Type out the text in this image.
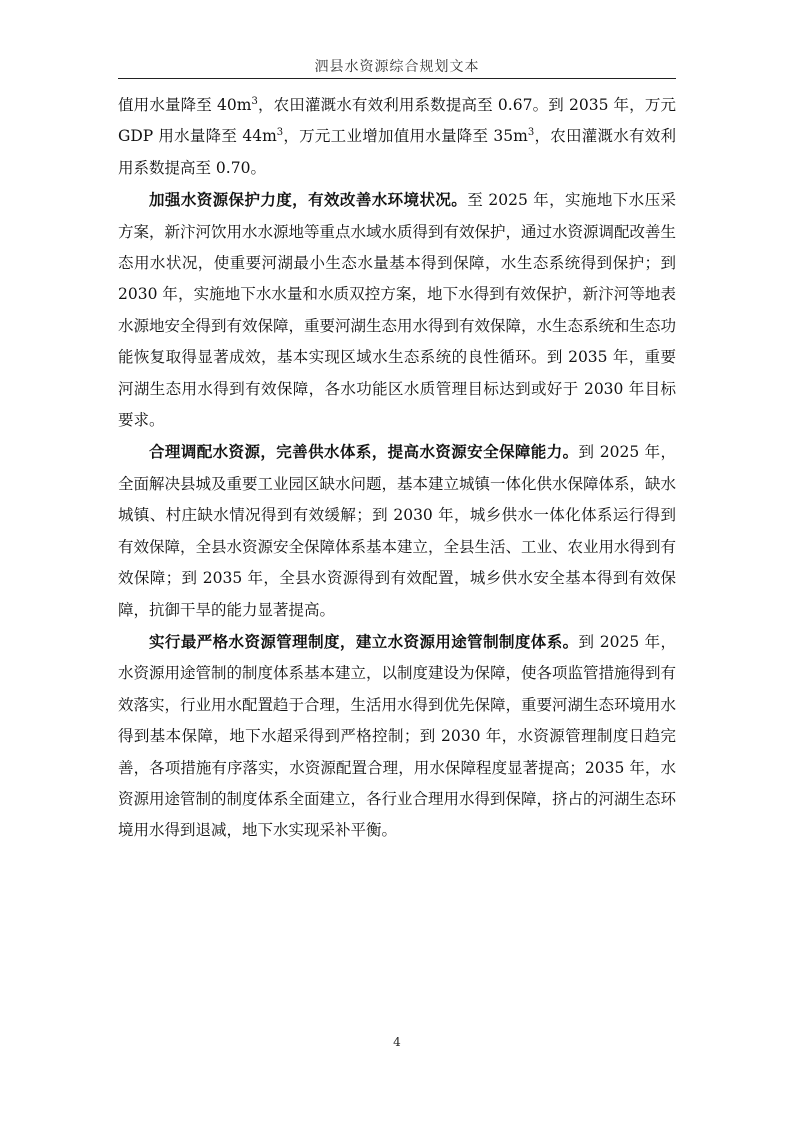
泗县水资源综合规划文本

值用水量降至 $40m^3$，农田灌溉水有效利用系数提高至 0.67。到 2035 年，万元GDP 用水量降至 $44m^3$，万元工业增加值用水量降至 $35m^3$，农田灌溉水有效利用系数提高至 0.70。

加强水资源保护力度，有效改善水环境状况。至 2025 年，实施地下水压采方案，新汴河饮用水水源地等重点水域水质得到有效保护，通过水资源调配改善生态用水状况，使重要河湖最小生态水量基本得到保障，水生态系统得到保护；到 2030 年，实施地下水水量和水质双控方案，地下水得到有效保护，新汴河等地表水源地安全得到有效保障，重要河湖生态用水得到有效保障，水生态系统和生态功能恢复取得显著成效，基本实现区域水生态系统的良性循环。到 2035 年，重要河湖生态用水得到有效保障，各水功能区水质管理目标达到或好于 2030 年目标要求。

合理调配水资源，完善供水体系，提高水资源安全保障能力。到 2025 年，全面解决县城及重要工业园区缺水问题，基本建立城镇一体化供水保障体系，缺水城镇、村庄缺水情况得到有效缓解；到 2030 年，城乡供水一体化体系运行得到有效保障，全县水资源安全保障体系基本建立，全县生活、工业、农业用水得到有效保障；到 2035 年，全县水资源得到有效配置，城乡供水安全基本得到有效保障，抗御干旱的能力显著提高。

实行最严格水资源管理制度，建立水资源用途管制制度体系。到 2025 年，水资源用途管制的制度体系基本建立，以制度建设为保障，使各项监管措施得到有效落实，行业用水配置趋于合理，生活用水得到优先保障，重要河湖生态环境用水得到基本保障，地下水超采得到严格控制；到 2030 年，水资源管理制度日趋完善，各项措施有序落实，水资源配置合理，用水保障程度显著提高；2035 年，水资源用途管制的制度体系全面建立，各行业合理用水得到保障，挤占的河湖生态环境用水得到退减，地下水实现采补平衡。

4
